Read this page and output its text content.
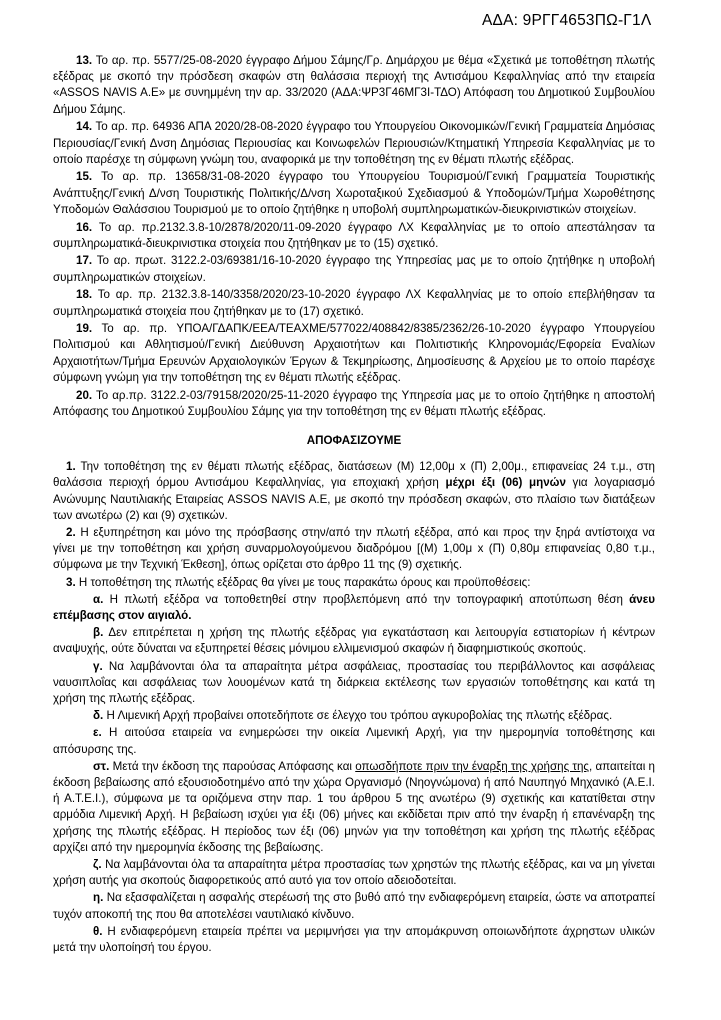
ΑΔΑ: 9ΡΓΓ4653ΠΩ-Γ1Λ

13. Το αρ. πρ. 5577/25-08-2020 έγγραφο Δήμου Σάμης/Γρ. Δημάρχου με θέμα «Σχετικά με τοποθέτηση πλωτής εξέδρας με σκοπό την πρόσδεση σκαφών στη θαλάσσια περιοχή της Αντισάμου Κεφαλληνίας από την εταιρεία «ASSOS NAVIS A.E» με συνημμένη την αρ. 33/2020 (ΑΔΑ:ΨΡ3Γ46ΜΓ3Ι-ΤΔΟ) Απόφαση του Δημοτικού Συμβουλίου Δήμου Σάμης.

14. Το αρ. πρ. 64936 ΑΠΑ 2020/28-08-2020 έγγραφο του Υπουργείου Οικονομικών/Γενική Γραμματεία Δημόσιας Περιουσίας/Γενική Δνση Δημόσιας Περιουσίας και Κοινωφελών Περιουσιών/Κτηματική Υπηρεσία Κεφαλληνίας με το οποίο παρέσχε τη σύμφωνη γνώμη του, αναφορικά με την τοποθέτηση της εν θέματι πλωτής εξέδρας.

15. Το αρ. πρ. 13658/31-08-2020 έγγραφο του Υπουργείου Τουρισμού/Γενική Γραμματεία Τουριστικής Ανάπτυξης/Γενική Δ/νση Τουριστικής Πολιτικής/Δ/νση Χωροταξικού Σχεδιασμού & Υποδομών/Τμήμα Χωροθέτησης Υποδομών Θαλάσσιου Τουρισμού με το οποίο ζητήθηκε η υποβολή συμπληρωματικών-διευκρινιστικών στοιχείων.

16. Το αρ. πρ.2132.3.8-10/2878/2020/11-09-2020 έγγραφο ΛΧ Κεφαλληνίας με το οποίο απεστάλησαν τα συμπληρωματικά-διευκρινιστικα στοιχεία που ζητήθηκαν με το (15) σχετικό.

17. Το αρ. πρωτ. 3122.2-03/69381/16-10-2020 έγγραφο της Υπηρεσίας μας με το οποίο ζητήθηκε η υποβολή συμπληρωματικών στοιχείων.

18. Το αρ. πρ. 2132.3.8-140/3358/2020/23-10-2020 έγγραφο ΛΧ Κεφαλληνίας με το οποίο επεβλήθησαν τα συμπληρωματικά στοιχεία που ζητήθηκαν με το (17) σχετικό.

19. Το αρ. πρ. ΥΠΟΑ/ΓΔΑΠΚ/ΕΕΑ/ΤΕΑΧΜΕ/577022/408842/8385/2362/26-10-2020 έγγραφο Υπουργείου Πολιτισμού και Αθλητισμού/Γενική Διεύθυνση Αρχαιοτήτων και Πολιτιστικής Κληρονομιάς/Εφορεία Εναλίων Αρχαιοτήτων/Τμήμα Ερευνών Αρχαιολογικών Έργων & Τεκμηρίωσης, Δημοσίευσης & Αρχείου με το οποίο παρέσχε σύμφωνη γνώμη για την τοποθέτηση της εν θέματι πλωτής εξέδρας.

20. Το αρ.πρ. 3122.2-03/79158/2020/25-11-2020 έγγραφο της Υπηρεσία μας με το οποίο ζητήθηκε η αποστολή Απόφασης του Δημοτικού Συμβουλίου Σάμης για την τοποθέτηση της εν θέματι πλωτής εξέδρας.

ΑΠΟΦΑΣΙΖΟΥΜΕ

1. Την τοποθέτηση της εν θέματι πλωτής εξέδρας, διατάσεων (Μ) 12,00μ x (Π) 2,00μ., επιφανείας 24 τ.μ., στη θαλάσσια περιοχή όρμου Αντισάμου Κεφαλληνίας, για εποχιακή χρήση μέχρι έξι (06) μηνών για λογαριασμό Ανώνυμης Ναυτιλιακής Εταιρείας ASSOS NAVIS A.E, με σκοπό την πρόσδεση σκαφών, στο πλαίσιο των διατάξεων των ανωτέρω (2) και (9) σχετικών.

2. Η εξυπηρέτηση και μόνο της πρόσβασης στην/από την πλωτή εξέδρα, από και προς την ξηρά αντίστοιχα να γίνει με την τοποθέτηση και χρήση συναρμολογούμενου διαδρόμου [(Μ) 1,00μ x (Π) 0,80μ επιφανείας 0,80 τ.μ., σύμφωνα με την Τεχνική Έκθεση], όπως ορίζεται στο άρθρο 11 της (9) σχετικής.

3. Η τοποθέτηση της πλωτής εξέδρας θα γίνει με τους παρακάτω όρους και προϋποθέσεις:

α. Η πλωτή εξέδρα να τοποθετηθεί στην προβλεπόμενη από την τοπογραφική αποτύπωση θέση άνευ επέμβασης στον αιγιαλό.

β. Δεν επιτρέπεται η χρήση της πλωτής εξέδρας για εγκατάσταση και λειτουργία εστιατορίων ή κέντρων αναψυχής, ούτε δύναται να εξυπηρετεί θέσεις μόνιμου ελλιμενισμού σκαφών ή διαφημιστικούς σκοπούς.

γ. Να λαμβάνονται όλα τα απαραίτητα μέτρα ασφάλειας, προστασίας του περιβάλλοντος και ασφάλειας ναυσιπλοΐας και ασφάλειας των λουομένων κατά τη διάρκεια εκτέλεσης των εργασιών τοποθέτησης και κατά τη χρήση της πλωτής εξέδρας.

δ. Η Λιμενική Αρχή προβαίνει οποτεδήποτε σε έλεγχο του τρόπου αγκυροβολίας της πλωτής εξέδρας.

ε. Η αιτούσα εταιρεία να ενημερώσει την οικεία Λιμενική Αρχή, για την ημερομηνία τοποθέτησης και απόσυρσης της.

στ. Μετά την έκδοση της παρούσας Απόφασης και οπωσδήποτε πριν την έναρξη της χρήσης της, απαιτείται η έκδοση βεβαίωσης από εξουσιοδοτημένο από την χώρα Οργανισμό (Νηογνώμονα) ή από Ναυπηγό Μηχανικό (Α.Ε.Ι. ή Α.Τ.Ε.Ι.), σύμφωνα με τα οριζόμενα στην παρ. 1 του άρθρου 5 της ανωτέρω (9) σχετικής και κατατίθεται στην αρμόδια Λιμενική Αρχή. Η βεβαίωση ισχύει για έξι (06) μήνες και εκδίδεται πριν από την έναρξη ή επανέναρξη της χρήσης της πλωτής εξέδρας. Η περίοδος των έξι (06) μηνών για την τοποθέτηση και χρήση της πλωτής εξέδρας αρχίζει από την ημερομηνία έκδοσης της βεβαίωσης.

ζ. Να λαμβάνονται όλα τα απαραίτητα μέτρα προστασίας των χρηστών της πλωτής εξέδρας, και να μη γίνεται χρήση αυτής για σκοπούς διαφορετικούς από αυτό για τον οποίο αδειοδοτείται.

η. Να εξασφαλίζεται η ασφαλής στερέωσή της στο βυθό από την ενδιαφερόμενη εταιρεία, ώστε να αποτραπεί τυχόν αποκοπή της που θα αποτελέσει ναυτιλιακό κίνδυνο.

θ. Η ενδιαφερόμενη εταιρεία πρέπει να μεριμνήσει για την απομάκρυνση οποιωνδήποτε άχρηστων υλικών μετά την υλοποίησή του έργου.
